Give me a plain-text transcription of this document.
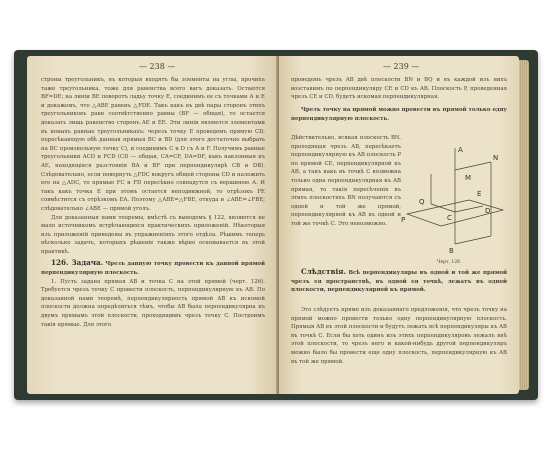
— 238 —

строны треугольникъ, въ которыя входятъ бы элементы на углы, прочихъ таже треугольника, тоже для равенства всего вагъ доказать. Остаются BF=DЕ; на линіи BE поворотъ ладьу точку Е, соединимъ ее съ точками А и Е и докажемъ, что △ABE равенъ △FDE. Такъ какъ въ двѣ пары сторонъ этихъ треугольниковъ равн соотвѣтственно равны (BF — общая), то остается доказать лишь равенство сторонъ AE и ЕЕ. Эти линіи являются элементами въ новыхъ равные треугольникахъ: черезъ точку Е проведемъ прямую CD, пересѣкающую обѣ данныя прямыя BC и BD (для этого достаточно выбрать на BC произвольную точку C), и соединимъ C и D съ A и F. Получимъ равные треугольники ACD и FCD (CD — общая, CA=CF, DA=DF, какъ наклонныя къ AE, находящіяся разстоянія BA и BF при перпендикулярѣ CB и DB). Слѣдовательно, если повернуть △FDC вокругъ общей стороны CD и наложить его на △ADC, то прямые FC и FD пересѣкно совпадутся съ вершиною А. И такъ какъ точка E при этомъ остается неподвижной, то отрѣзокъ FЕ совмѣстится съ отрѣзкомъ EA. Поэтому △ABE=△FBE, откуда и ∠ABE=∠FBE; слѣдовательно ∠ABE — прямой уголъ.

Для доказанныя нами теоремы, вмѣстѣ съ выводомъ § 122, являются не мало источникомъ встрѣчающихся практическихъ приложеній. Нѣкоторыя изъ приложеній приведены въ упражненіяхъ этого отдѣла. Рѣшимъ теперь нѣсколько задачъ, которыхъ рѣшеніе также вѣрно основывается въ этой практикѣ.

126. Задача. Чрезъ данную точку провести къ данной прямой перпендикулярную плоскость.

1. Пусть задана прямая AB и точка C на этой прямой (черт. 126). Требуется чрезъ точку C провести плоскость, перпендикулярную къ AB. По доказанной нами теоремѣ, перпендикулярность прямой AB къ искомой плоскости должна опредѣлиться тѣмъ, чтобы AB была перпендикулярна къ двумъ прямымъ этой плоскости, проходящимъ чрезъ точку C. Построимъ такія прямые. Для этого

— 239 —
проведемъ чрезъ AB двѣ плоскости BN и BQ и въ каждой изъ нихъ возставимъ по перпендикуляру CE и CD къ AB. Плоскость P, проведенная чрезъ CE и CD, будетъ искомая перпендикулярная.
Чрезъ точку на прямой можно провести въ прямой только одну перпендикулярную плоскость.
Дѣйствительно, всякая плоскость BN, проходящая чрезъ AB, пересѣкаетъ перпендикулярную къ AB плоскость P по прямой CE, перпендикулярной къ AB, а такъ какъ въ точкѣ C возможна только одна перпендикулярная къ AB прямая, то такія пересѣченія въ этихъ плоскостяхъ BN получаются съ одной и той же прямой, перпендикулярной къ AB въ одной и той же точкѣ C. Это невозможно.
N
A
M
E
D
C
Q
P
B
Черт. 126
Слѣдствія. Всѣ перпендикуляры въ одной и той же прямой чрезъ ея пространствѣ, въ одной ея точкѣ, лежатъ въ одной плоскости, перпендикулярной къ прямой.
Это слѣдуетъ прямо изъ доказаннаго предложенія, что чрезъ точку на прямой можно провести только одну перпендикулярную плоскость. Прямыя AB въ этой плоскости и будутъ лежать всѣ перпендикуляры къ AB въ точкѣ C. Если бы хоть одинъ изъ этихъ перпендикуляровъ лежалъ внѣ этой плоскости, то чрезъ него и какой-нибудь другой перпендикуляръ можно было бы провести еще одну плоскость, перпендикулярную къ AB въ той же прямой.
